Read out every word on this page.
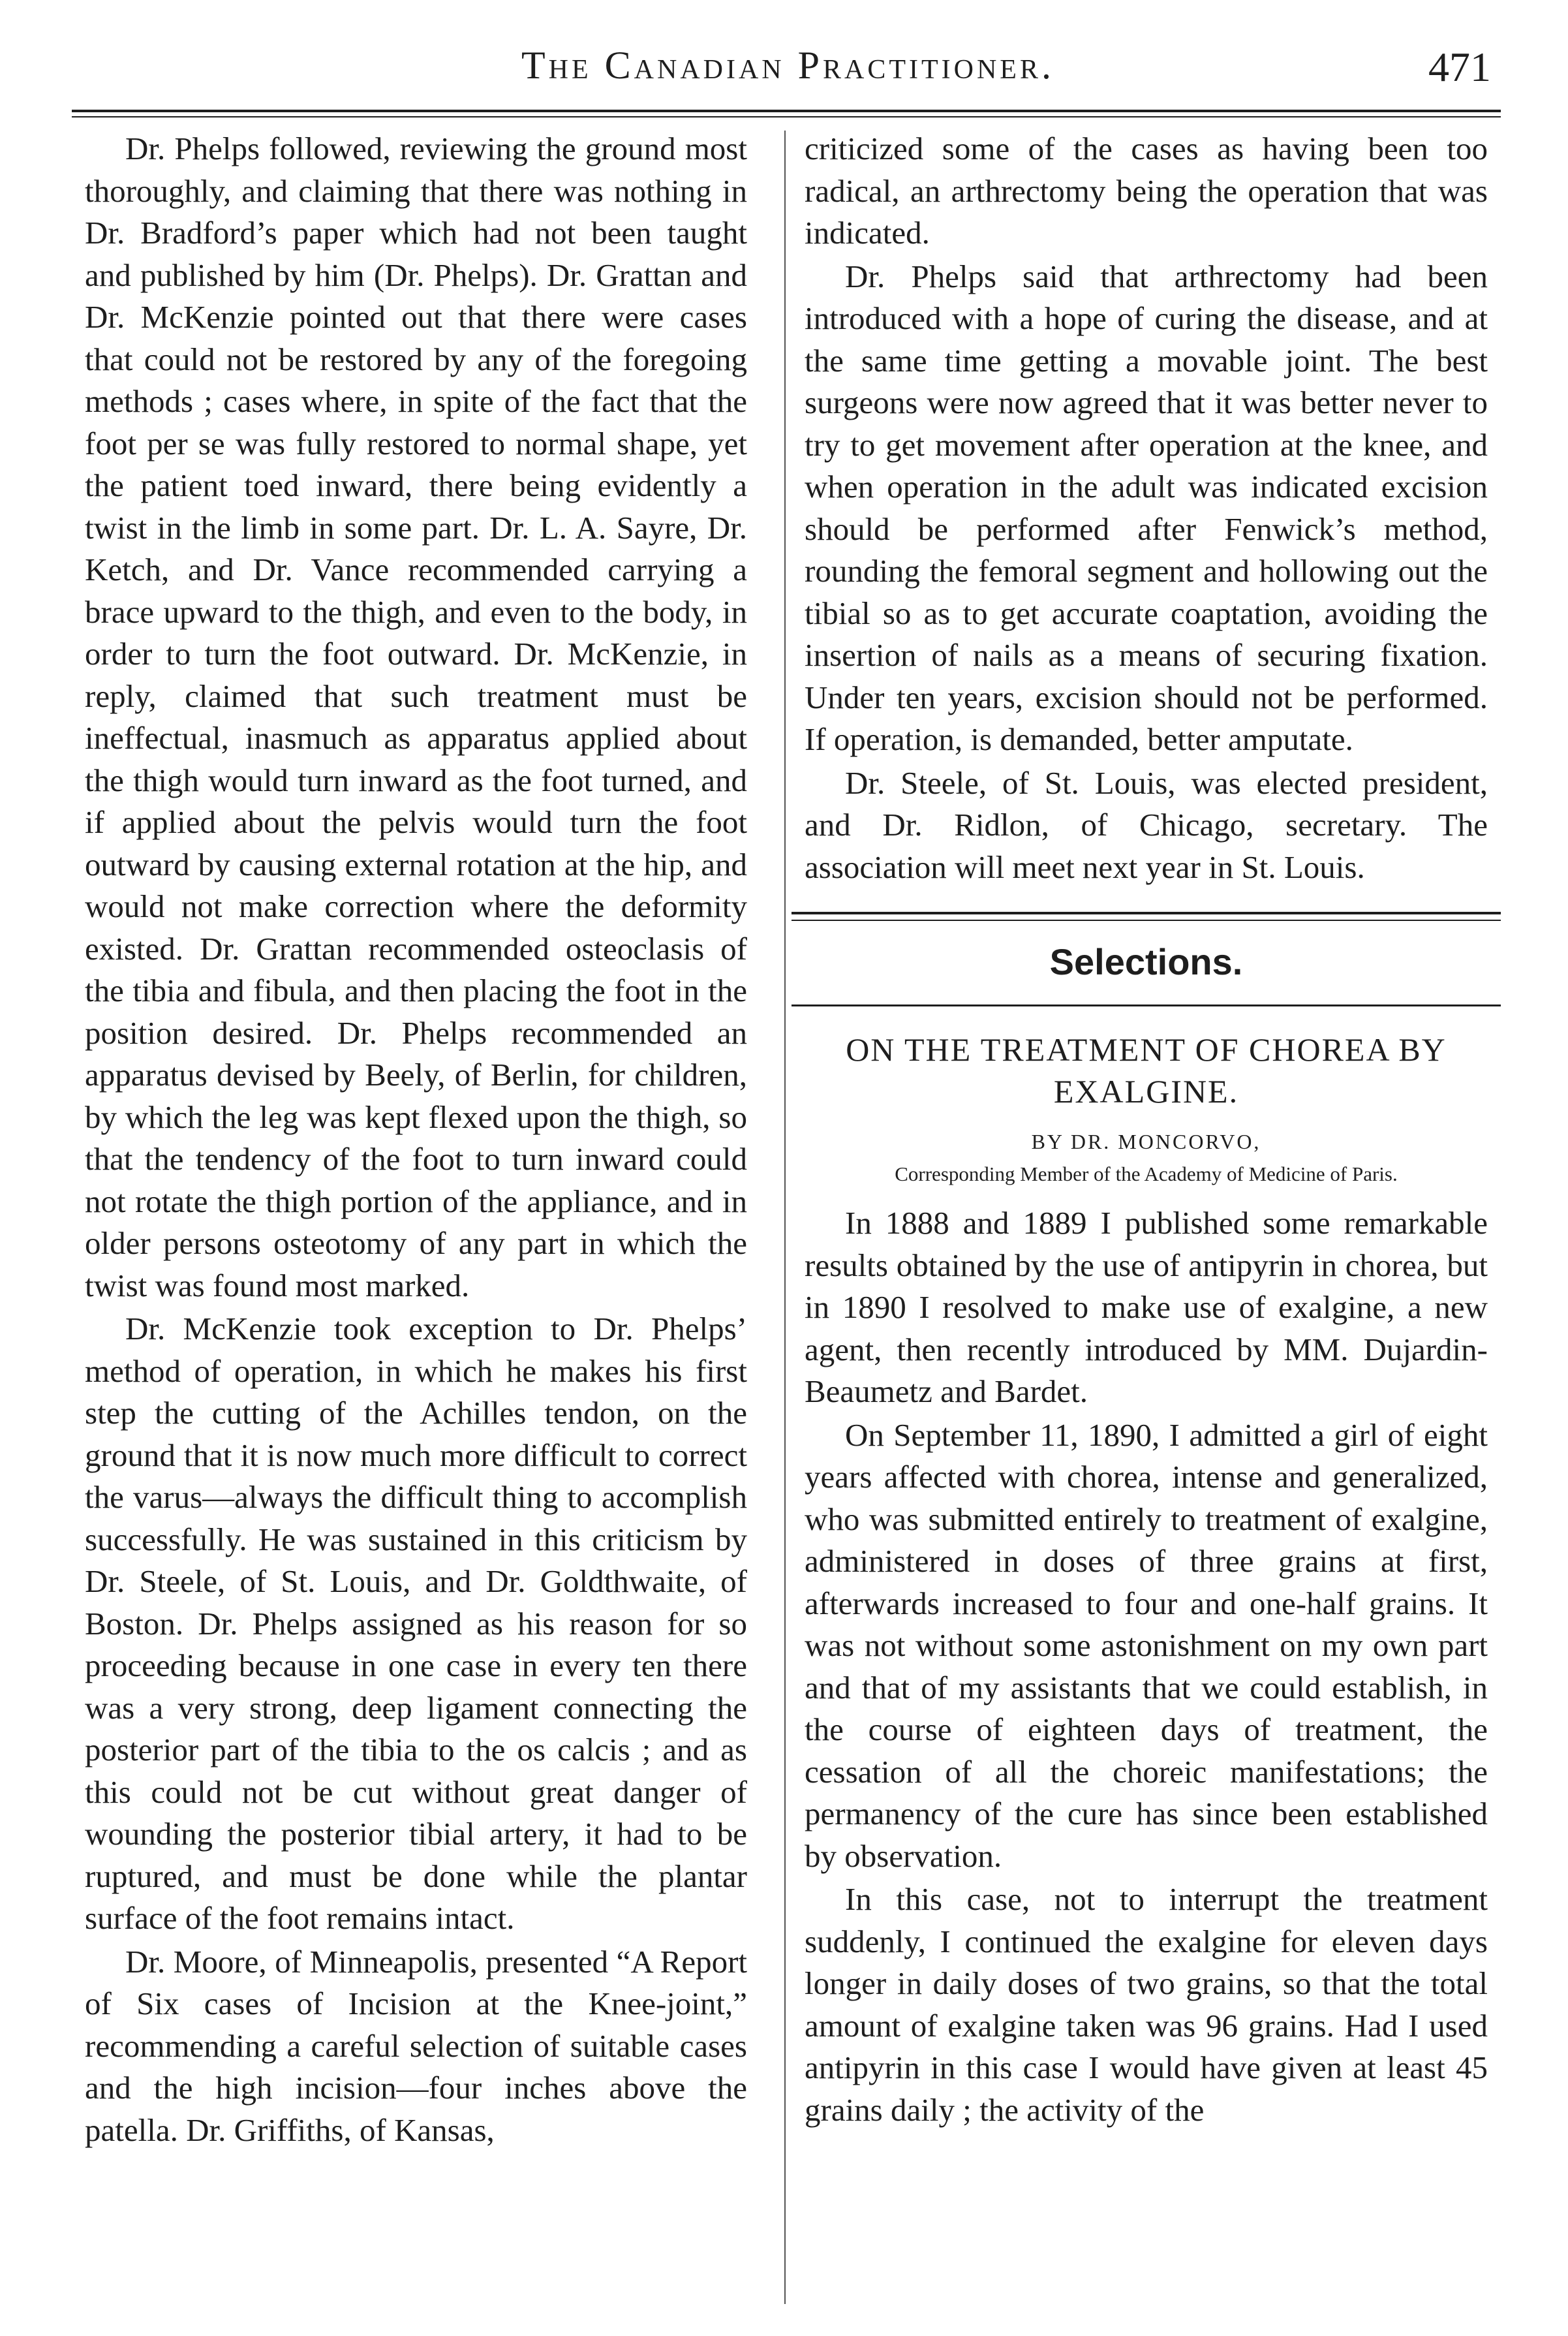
The Canadian Practitioner.	471

Dr. Phelps followed, reviewing the ground most thoroughly, and claiming that there was nothing in Dr. Bradford’s paper which had not been taught and published by him (Dr. Phelps). Dr. Grattan and Dr. McKenzie pointed out that there were cases that could not be restored by any of the foregoing methods ; cases where, in spite of the fact that the foot per se was fully restored to normal shape, yet the patient toed inward, there being evidently a twist in the limb in some part. Dr. L. A. Sayre, Dr. Ketch, and Dr. Vance recommended carrying a brace upward to the thigh, and even to the body, in order to turn the foot outward. Dr. McKenzie, in reply, claimed that such treatment must be ineffectual, inasmuch as apparatus applied about the thigh would turn inward as the foot turned, and if applied about the pelvis would turn the foot outward by causing external rotation at the hip, and would not make correction where the deformity existed. Dr. Grattan recommended osteoclasis of the tibia and fibula, and then placing the foot in the position desired. Dr. Phelps recommended an apparatus devised by Beely, of Berlin, for children, by which the leg was kept flexed upon the thigh, so that the tendency of the foot to turn inward could not rotate the thigh portion of the appliance, and in older persons osteotomy of any part in which the twist was found most marked.

Dr. McKenzie took exception to Dr. Phelps’ method of operation, in which he makes his first step the cutting of the Achilles tendon, on the ground that it is now much more difficult to correct the varus—always the difficult thing to accomplish successfully. He was sustained in this criticism by Dr. Steele, of St. Louis, and Dr. Goldthwaite, of Boston. Dr. Phelps assigned as his reason for so proceeding because in one case in every ten there was a very strong, deep ligament connecting the posterior part of the tibia to the os calcis ; and as this could not be cut without great danger of wounding the posterior tibial artery, it had to be ruptured, and must be done while the plantar surface of the foot remains intact.

Dr. Moore, of Minneapolis, presented “A Report of Six cases of Incision at the Knee-joint,” recommending a careful selection of suitable cases and the high incision—four inches above the patella. Dr. Griffiths, of Kansas,

criticized some of the cases as having been too radical, an arthrectomy being the operation that was indicated.

Dr. Phelps said that arthrectomy had been introduced with a hope of curing the disease, and at the same time getting a movable joint. The best surgeons were now agreed that it was better never to try to get movement after operation at the knee, and when operation in the adult was indicated excision should be performed after Fenwick’s method, rounding the femoral segment and hollowing out the tibial so as to get accurate coaptation, avoiding the insertion of nails as a means of securing fixation. Under ten years, excision should not be performed. If operation, is demanded, better amputate.

Dr. Steele, of St. Louis, was elected president, and Dr. Ridlon, of Chicago, secretary. The association will meet next year in St. Louis.

Selections.
ON THE TREATMENT OF CHOREA BY EXALGINE.
BY DR. MONCORVO,
Corresponding Member of the Academy of Medicine of Paris.

In 1888 and 1889 I published some remarkable results obtained by the use of antipyrin in chorea, but in 1890 I resolved to make use of exalgine, a new agent, then recently introduced by MM. Dujardin-Beaumetz and Bardet.

On September 11, 1890, I admitted a girl of eight years affected with chorea, intense and generalized, who was submitted entirely to treatment of exalgine, administered in doses of three grains at first, afterwards increased to four and one-half grains. It was not without some astonishment on my own part and that of my assistants that we could establish, in the course of eighteen days of treatment, the cessation of all the choreic manifestations; the permanency of the cure has since been established by observation.

In this case, not to interrupt the treatment suddenly, I continued the exalgine for eleven days longer in daily doses of two grains, so that the total amount of exalgine taken was 96 grains. Had I used antipyrin in this case I would have given at least 45 grains daily ; the activity of the
